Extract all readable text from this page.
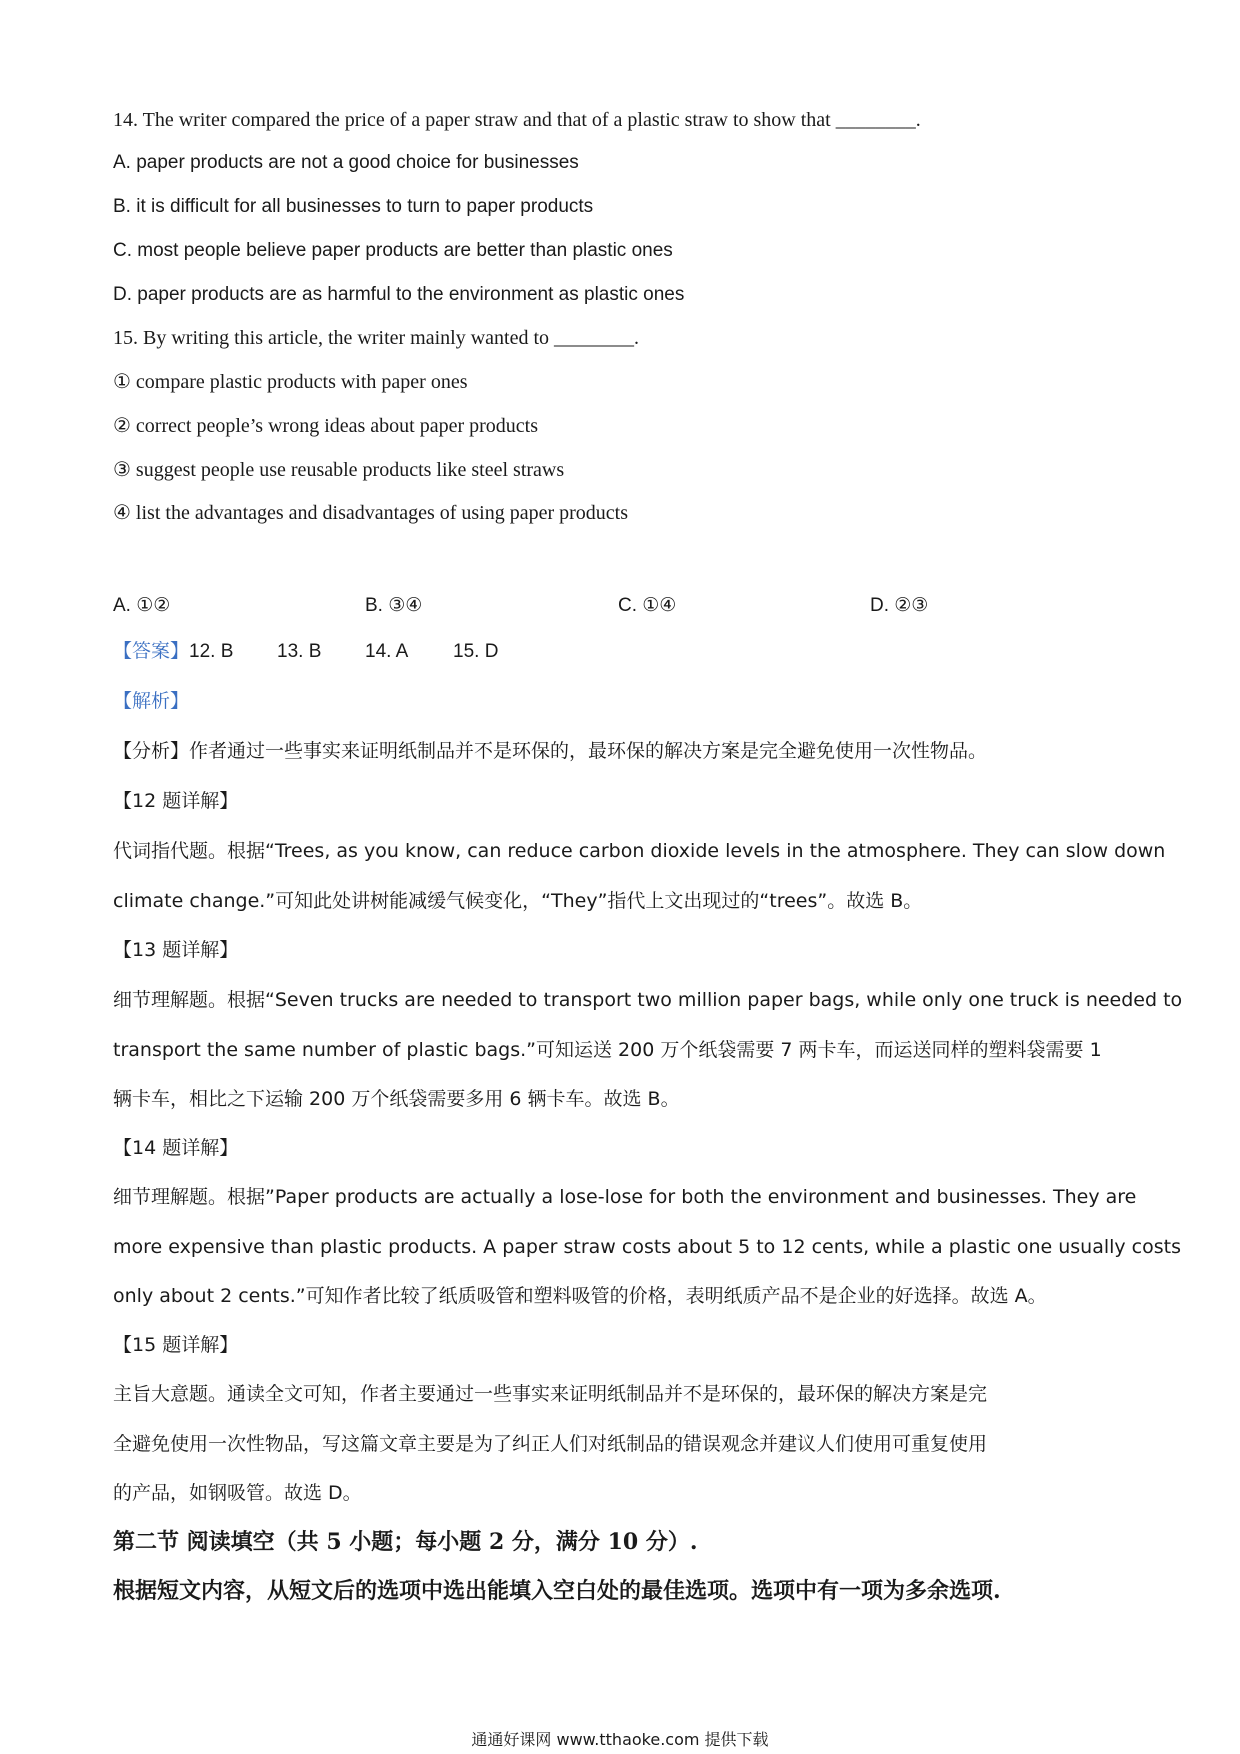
14. The writer compared the price of a paper straw and that of a plastic straw to show that ________.
A. paper products are not a good choice for businesses
B. it is difficult for all businesses to turn to paper products
C. most people believe paper products are better than plastic ones
D. paper products are as harmful to the environment as plastic ones
15. By writing this article, the writer mainly wanted to ________.
① compare plastic products with paper ones
② correct people’s wrong ideas about paper products
③ suggest people use reusable products like steel straws
④ list the advantages and disadvantages of using paper products
A. ①②	B. ③④	C. ①④	D. ②③
【答案】12. B 13. B 14. A 15. D
【解析】
【分析】作者通过一些事实来证明纸制品并不是环保的，最环保的解决方案是完全避免使用一次性物品。
【12 题详解】
代词指代题。根据“Trees, as you know, can reduce carbon dioxide levels in the atmosphere. They can slow down
climate change.”可知此处讲树能减缓气候变化，“They”指代上文出现过的“trees”。故选 B。
【13 题详解】
细节理解题。根据“Seven trucks are needed to transport two million paper bags, while only one truck is needed to
transport the same number of plastic bags.”可知运送 200 万个纸袋需要 7 两卡车，而运送同样的塑料袋需要 1
辆卡车，相比之下运输 200 万个纸袋需要多用 6 辆卡车。故选 B。
【14 题详解】
细节理解题。根据”Paper products are actually a lose-lose for both the environment and businesses. They are
more expensive than plastic products. A paper straw costs about 5 to 12 cents, while a plastic one usually costs
only about 2 cents.”可知作者比较了纸质吸管和塑料吸管的价格，表明纸质产品不是企业的好选择。故选 A。
【15 题详解】
主旨大意题。通读全文可知，作者主要通过一些事实来证明纸制品并不是环保的，最环保的解决方案是完
全避免使用一次性物品，写这篇文章主要是为了纠正人们对纸制品的错误观念并建议人们使用可重复使用
的产品，如钢吸管。故选 D。
第二节 阅读填空（共 5 小题；每小题 2 分，满分 10 分）.
根据短文内容，从短文后的选项中选出能填入空白处的最佳选项。选项中有一项为多余选项.
通通好课网 www.tthaoke.com 提供下载
